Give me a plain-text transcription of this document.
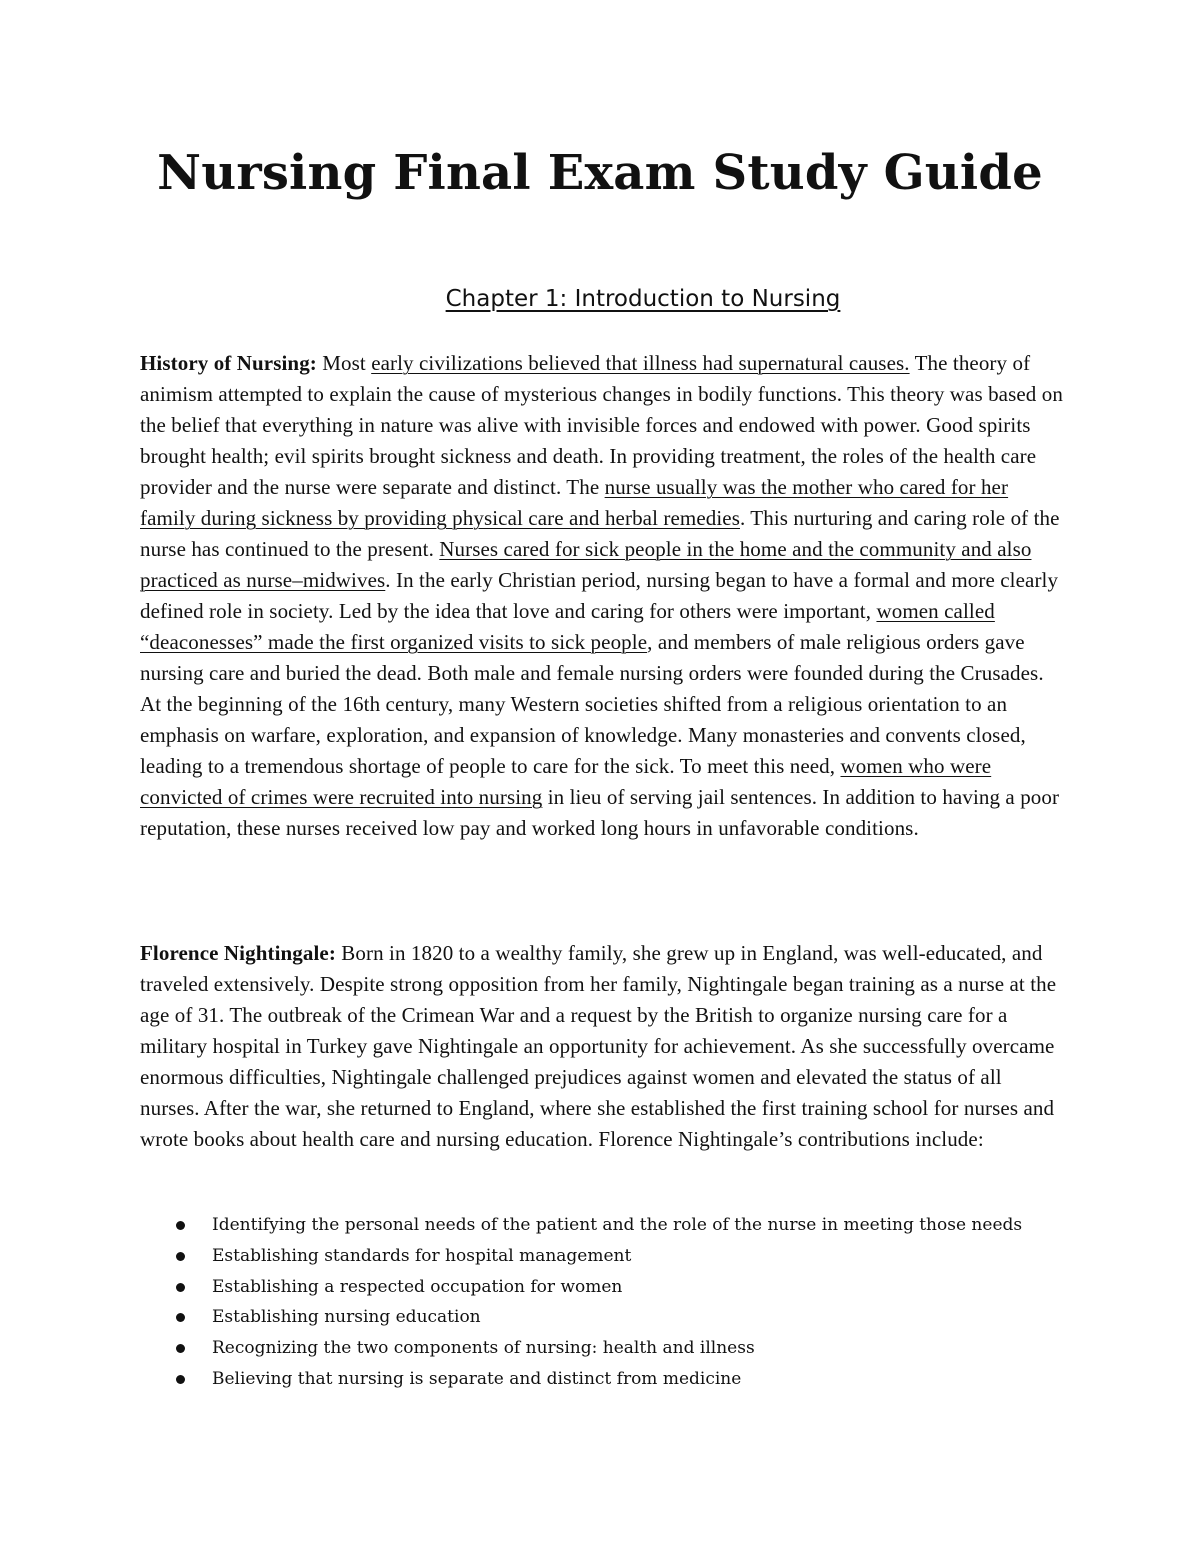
Nursing Final Exam Study Guide
Chapter 1: Introduction to Nursing

History of Nursing: Most early civilizations believed that illness had supernatural causes. The theory of animism attempted to explain the cause of mysterious changes in bodily functions. This theory was based on the belief that everything in nature was alive with invisible forces and endowed with power. Good spirits brought health; evil spirits brought sickness and death. In providing treatment, the roles of the health care provider and the nurse were separate and distinct. The nurse usually was the mother who cared for her family during sickness by providing physical care and herbal remedies. This nurturing and caring role of the nurse has continued to the present. Nurses cared for sick people in the home and the community and also practiced as nurse–midwives. In the early Christian period, nursing began to have a formal and more clearly defined role in society. Led by the idea that love and caring for others were important, women called “deaconesses” made the first organized visits to sick people, and members of male religious orders gave nursing care and buried the dead. Both male and female nursing orders were founded during the Crusades. At the beginning of the 16th century, many Western societies shifted from a religious orientation to an emphasis on warfare, exploration, and expansion of knowledge. Many monasteries and convents closed, leading to a tremendous shortage of people to care for the sick. To meet this need, women who were convicted of crimes were recruited into nursing in lieu of serving jail sentences. In addition to having a poor reputation, these nurses received low pay and worked long hours in unfavorable conditions.

Florence Nightingale: Born in 1820 to a wealthy family, she grew up in England, was well-educated, and traveled extensively. Despite strong opposition from her family, Nightingale began training as a nurse at the age of 31. The outbreak of the Crimean War and a request by the British to organize nursing care for a military hospital in Turkey gave Nightingale an opportunity for achievement. As she successfully overcame enormous difficulties, Nightingale challenged prejudices against women and elevated the status of all nurses. After the war, she returned to England, where she established the first training school for nurses and wrote books about health care and nursing education. Florence Nightingale’s contributions include:

Identifying the personal needs of the patient and the role of the nurse in meeting those needs
Establishing standards for hospital management
Establishing a respected occupation for women
Establishing nursing education
Recognizing the two components of nursing: health and illness
Believing that nursing is separate and distinct from medicine
